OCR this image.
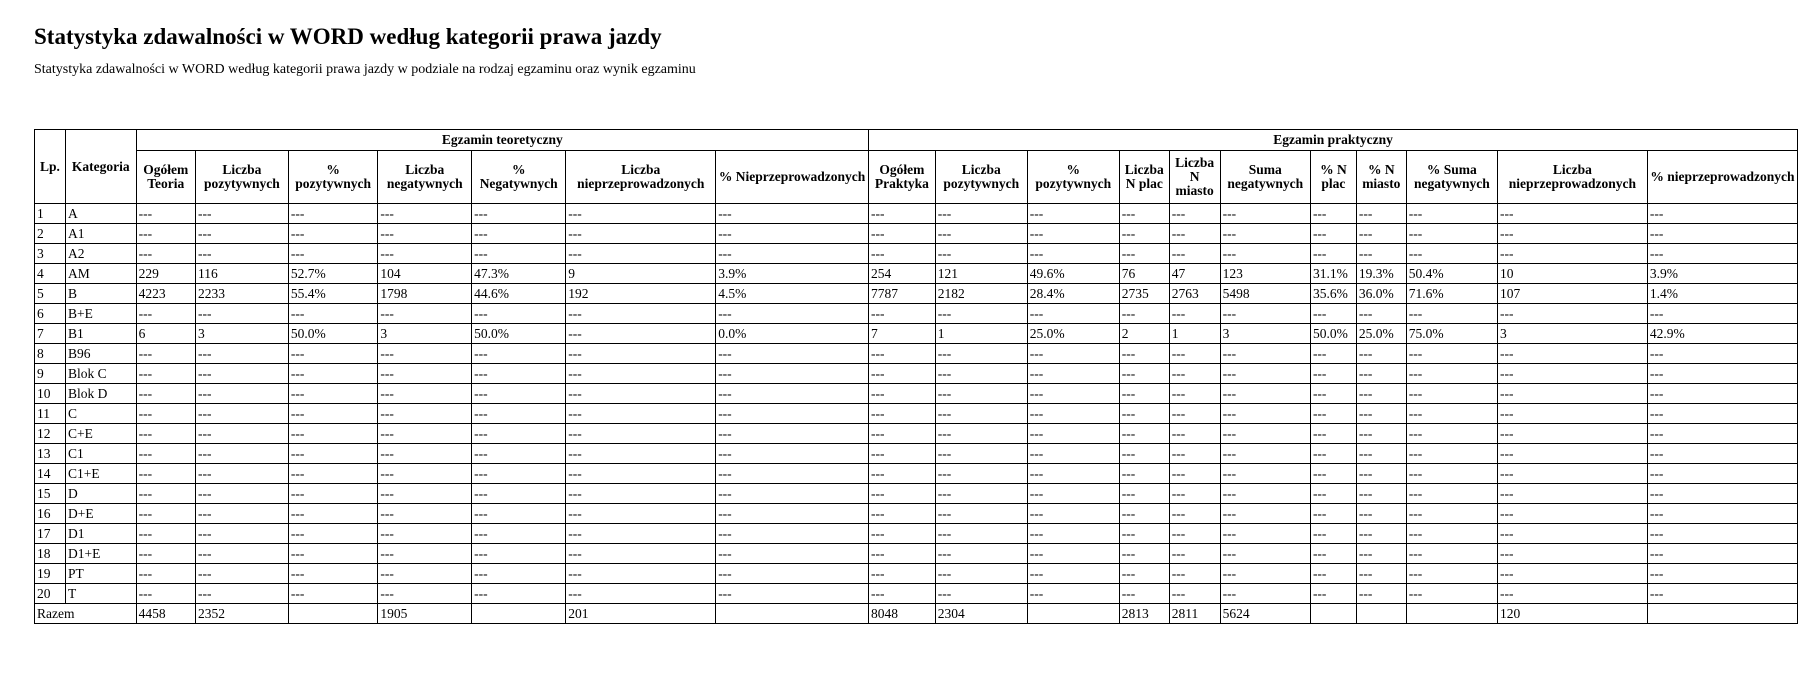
Statystyka zdawalności w WORD według kategorii prawa jazdy

Statystyka zdawalności w WORD według kategorii prawa jazdy w podziale na rodzaj egzaminu oraz wynik egzaminu

Lp.	Kategoria	Egzamin teoretyczny							Egzamin praktyczny										
		Ogółem Teoria	Liczba pozytywnych	% pozytywnych	Liczba negatywnych	% Negatywnych	Liczba nieprzeprowadzonych	% Nieprzeprowadzonych	Ogółem Praktyka	Liczba pozytywnych	% pozytywnych	Liczba N plac	Liczba N miasto	Suma negatywnych	% N plac	% N miasto	% Suma negatywnych	Liczba nieprzeprowadzonych	% nieprzeprowadzonych
1	A	---	---	---	---	---	---	---	---	---	---	---	---	---	---	---	---	---	---
2	A1	---	---	---	---	---	---	---	---	---	---	---	---	---	---	---	---	---	---
3	A2	---	---	---	---	---	---	---	---	---	---	---	---	---	---	---	---	---	---
4	AM	229	116	52.7%	104	47.3%	9	3.9%	254	121	49.6%	76	47	123	31.1%	19.3%	50.4%	10	3.9%
5	B	4223	2233	55.4%	1798	44.6%	192	4.5%	7787	2182	28.4%	2735	2763	5498	35.6%	36.0%	71.6%	107	1.4%
6	B+E	---	---	---	---	---	---	---	---	---	---	---	---	---	---	---	---	---	---
7	B1	6	3	50.0%	3	50.0%	---	0.0%	7	1	25.0%	2	1	3	50.0%	25.0%	75.0%	3	42.9%
8	B96	---	---	---	---	---	---	---	---	---	---	---	---	---	---	---	---	---	---
9	Blok C	---	---	---	---	---	---	---	---	---	---	---	---	---	---	---	---	---	---
10	Blok D	---	---	---	---	---	---	---	---	---	---	---	---	---	---	---	---	---	---
11	C	---	---	---	---	---	---	---	---	---	---	---	---	---	---	---	---	---	---
12	C+E	---	---	---	---	---	---	---	---	---	---	---	---	---	---	---	---	---	---
13	C1	---	---	---	---	---	---	---	---	---	---	---	---	---	---	---	---	---	---
14	C1+E	---	---	---	---	---	---	---	---	---	---	---	---	---	---	---	---	---	---
15	D	---	---	---	---	---	---	---	---	---	---	---	---	---	---	---	---	---	---
16	D+E	---	---	---	---	---	---	---	---	---	---	---	---	---	---	---	---	---	---
17	D1	---	---	---	---	---	---	---	---	---	---	---	---	---	---	---	---	---	---
18	D1+E	---	---	---	---	---	---	---	---	---	---	---	---	---	---	---	---	---	---
19	PT	---	---	---	---	---	---	---	---	---	---	---	---	---	---	---	---	---	---
20	T	---	---	---	---	---	---	---	---	---	---	---	---	---	---	---	---	---	---
Razem		4458	2352		1905		201		8048	2304		2813	2811	5624				120	
